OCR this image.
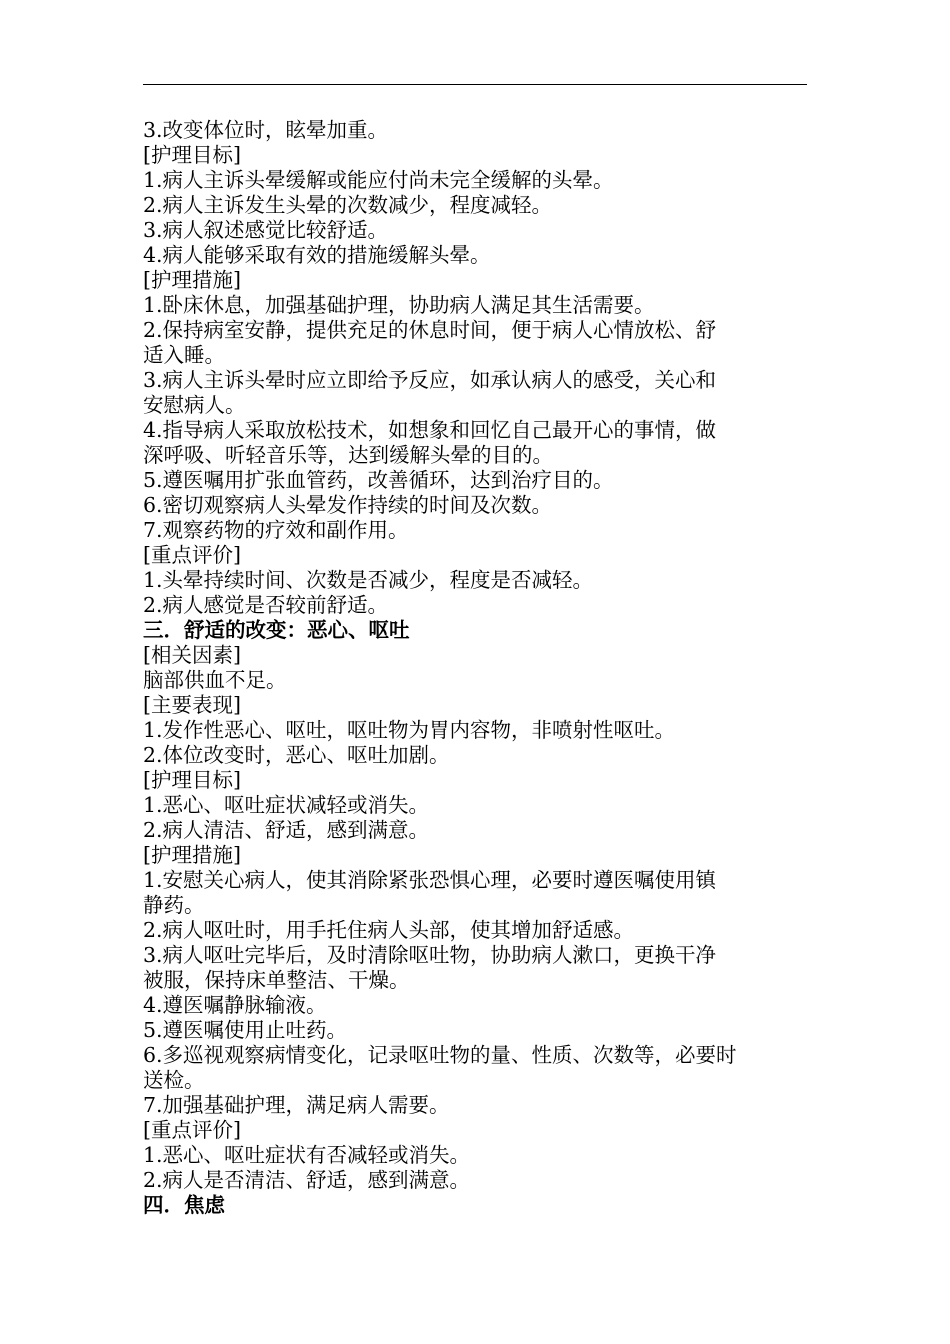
3.改变体位时，眩晕加重。

[护理目标]

1.病人主诉头晕缓解或能应付尚未完全缓解的头晕。

2.病人主诉发生头晕的次数减少，程度减轻。

3.病人叙述感觉比较舒适。

4.病人能够采取有效的措施缓解头晕。

[护理措施]

1.卧床休息，加强基础护理，协助病人满足其生活需要。

2.保持病室安静，提供充足的休息时间，便于病人心情放松、舒

适入睡。

3.病人主诉头晕时应立即给予反应，如承认病人的感受，关心和

安慰病人。

4.指导病人采取放松技术，如想象和回忆自己最开心的事情，做

深呼吸、听轻音乐等，达到缓解头晕的目的。

5.遵医嘱用扩张血管药，改善循环，达到治疗目的。

6.密切观察病人头晕发作持续的时间及次数。

7.观察药物的疗效和副作用。

[重点评价]

1.头晕持续时间、次数是否减少，程度是否减轻。

2.病人感觉是否较前舒适。

三．舒适的改变：恶心、呕吐

[相关因素]

脑部供血不足。

[主要表现]

1.发作性恶心、呕吐，呕吐物为胃内容物，非喷射性呕吐。

2.体位改变时，恶心、呕吐加剧。

[护理目标]

1.恶心、呕吐症状减轻或消失。

2.病人清洁、舒适，感到满意。

[护理措施]

1.安慰关心病人，使其消除紧张恐惧心理，必要时遵医嘱使用镇

静药。

2.病人呕吐时，用手托住病人头部，使其增加舒适感。

3.病人呕吐完毕后，及时清除呕吐物，协助病人漱口，更换干净

被服，保持床单整洁、干燥。

4.遵医嘱静脉输液。

5.遵医嘱使用止吐药。

6.多巡视观察病情变化，记录呕吐物的量、性质、次数等，必要时

送检。

7.加强基础护理，满足病人需要。

[重点评价]

1.恶心、呕吐症状有否减轻或消失。

2.病人是否清洁、舒适，感到满意。

四．焦虑
